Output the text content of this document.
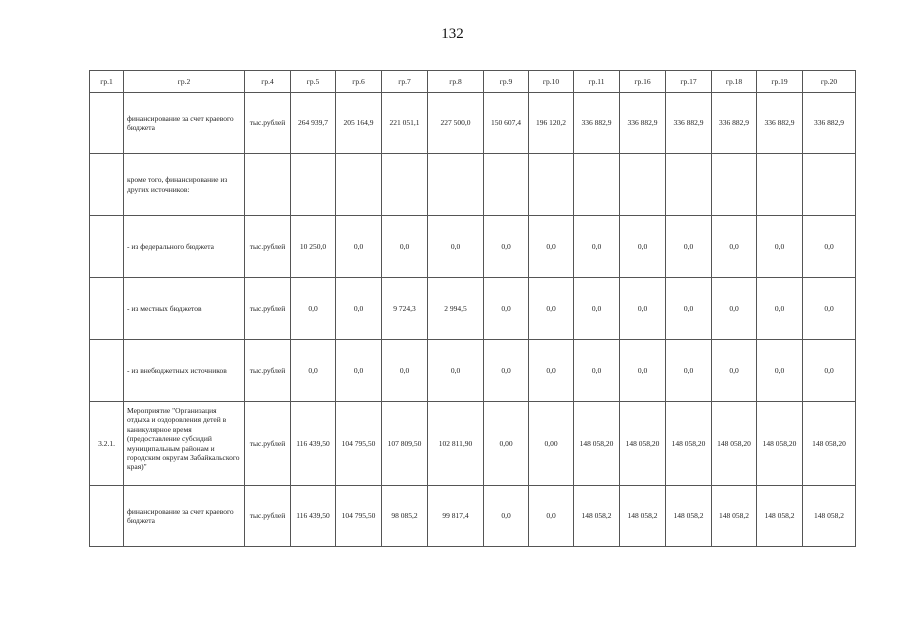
132
гр.1	гр.2	гр.4	гр.5	гр.6	гр.7	гр.8	гр.9	гр.10	гр.11	гр.16	гр.17	гр.18	гр.19	гр.20
	финансирование за счет краевого бюджета	тыс.рублей	264 939,7	205 164,9	221 051,1	227 500,0	150 607,4	196 120,2	336 882,9	336 882,9	336 882,9	336 882,9	336 882,9	336 882,9
	кроме того, финансирование из других источников:													
	- из федерального бюджета	тыс.рублей	10 250,0	0,0	0,0	0,0	0,0	0,0	0,0	0,0	0,0	0,0	0,0	0,0
	- из местных бюджетов	тыс.рублей	0,0	0,0	9 724,3	2 994,5	0,0	0,0	0,0	0,0	0,0	0,0	0,0	0,0
	- из внебюджетных источников	тыс.рублей	0,0	0,0	0,0	0,0	0,0	0,0	0,0	0,0	0,0	0,0	0,0	0,0
3.2.1.	Мероприятие "Организация отдыха и оздоровления детей в каникулярное время (предоставление субсидий муниципальным районам и городским округам Забайкальского края)"	тыс.рублей	116 439,50	104 795,50	107 809,50	102 811,90	0,00	0,00	148 058,20	148 058,20	148 058,20	148 058,20	148 058,20	148 058,20
	финансирование за счет краевого бюджета	тыс.рублей	116 439,50	104 795,50	98 085,2	99 817,4	0,0	0,0	148 058,2	148 058,2	148 058,2	148 058,2	148 058,2	148 058,2
